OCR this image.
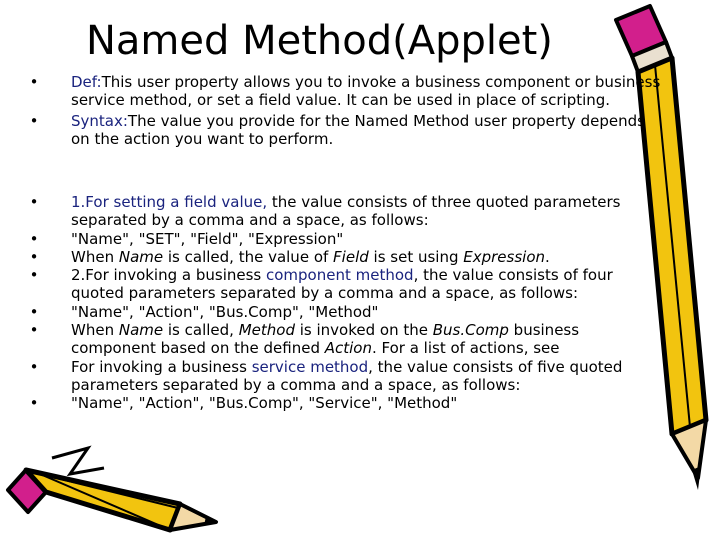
Named Method(Applet)
• Def:This user property allows you to invoke a business component or business service method, or set a field value. It can be used in place of scripting.
• Syntax:The value you provide for the Named Method user property depends on the action you want to perform.
• 1.For setting a field value, the value consists of three quoted parameters separated by a comma and a space, as follows:
• "Name", "SET", "Field", "Expression"
• When Name is called, the value of Field is set using Expression.
• 2.For invoking a business component method, the value consists of four quoted parameters separated by a comma and a space, as follows:
• "Name", "Action", "Bus.Comp", "Method"
• When Name is called, Method is invoked on the Bus.Comp business component based on the defined Action. For a list of actions, see
• For invoking a business service method, the value consists of five quoted parameters separated by a comma and a space, as follows:
• "Name", "Action", "Bus.Comp", "Service", "Method"
